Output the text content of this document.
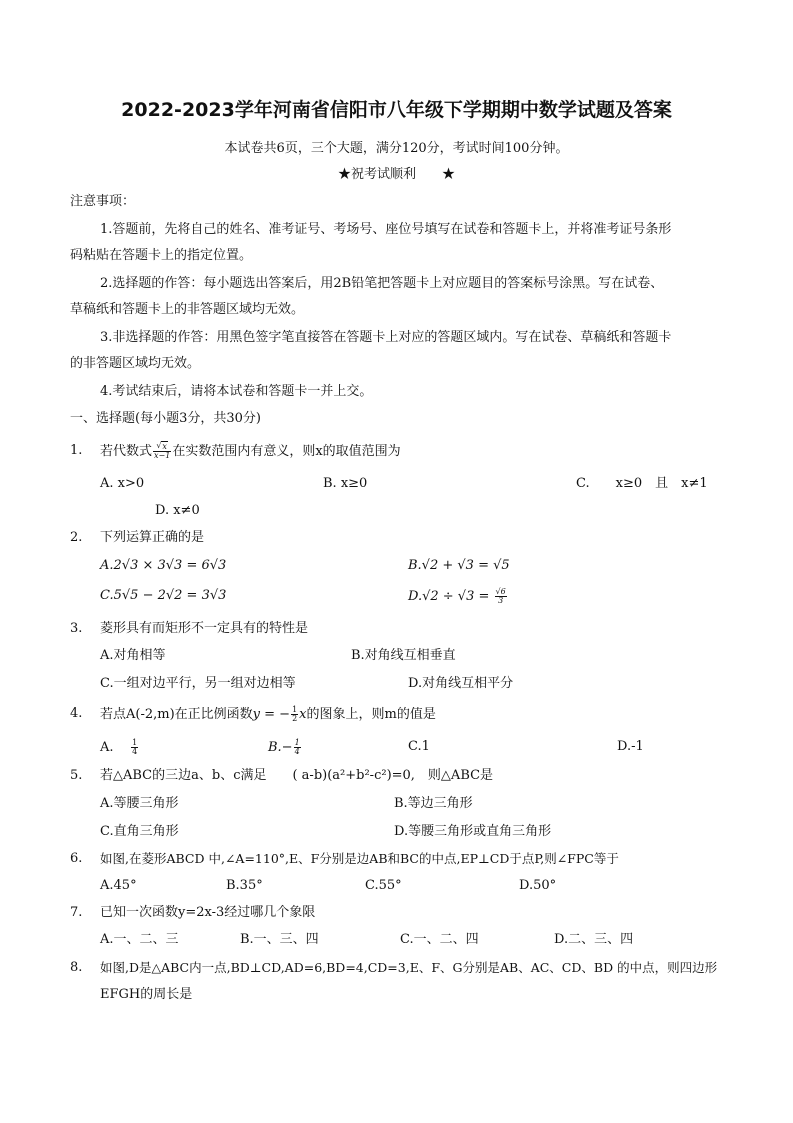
2022-2023学年河南省信阳市八年级下学期期中数学试题及答案
本试卷共6页，三个大题，满分120分，考试时间100分钟。
★祝考试顺利　　★
注意事项：
1.答题前，先将自己的姓名、准考证号、考场号、座位号填写在试卷和答题卡上，并将准考证号条形
码粘贴在答题卡上的指定位置。
2.选择题的作答：每小题选出答案后，用2B铅笔把答题卡上对应题目的答案标号涂黑。写在试卷、
草稿纸和答题卡上的非答题区域均无效。
3.非选择题的作答：用黑色签字笔直接答在答题卡上对应的答题区域内。写在试卷、草稿纸和答题卡
的非答题区域均无效。
4.考试结束后，请将本试卷和答题卡一并上交。
一、选择题(每小题3分，共30分)
1. 若代数式
√ $\frac{x}{x-1}$ 在实数范围内有意义，则x的取值范围为
A. x>0	B. x≥0	C.　　x≥0　且　x≠1
D. x≠0
2. 下列运算正确的是
A.2√3 × 3√3 = 6√3	B.√2 + √3 = √5
C.5√5 − 2√2 = 3√3	$D.√2 \div √3 = \frac{√6}{3}$
3. 菱形具有而矩形不一定具有的特性是
A.对角相等	B.对角线互相垂直
C.一组对边平行，另一组对边相等	D.对角线互相平分
4. 若点A(-2,m)在正比例函数y = − $\frac{1}{2}$ x的图象上，则m的值是
A. $\frac{1}{4}$	$B.- \frac{1}{4}$	C.1	D.-1
5. 若△ABC的三边a、b、c满足　　( a-b)(a²+b²-c²)=0,　则△ABC是
A.等腰三角形	B.等边三角形
C.直角三角形	D.等腰三角形或直角三角形
6. 如图,在菱形ABCD 中,∠A=110°,E、F分别是边AB和BC的中点,EP⊥CD于点P,则∠FPC等于
A.45°	B.35°	C.55°	D.50°
7. 已知一次函数y=2x-3经过哪几个象限
A.一、二、三	B.一、三、四	C.一、二、四	D.二、三、四
8. 如图,D是△ABC内一点,BD⊥CD,AD=6,BD=4,CD=3,E、F、G分别是AB、AC、CD、BD 的中点，则四边形
EFGH的周长是
